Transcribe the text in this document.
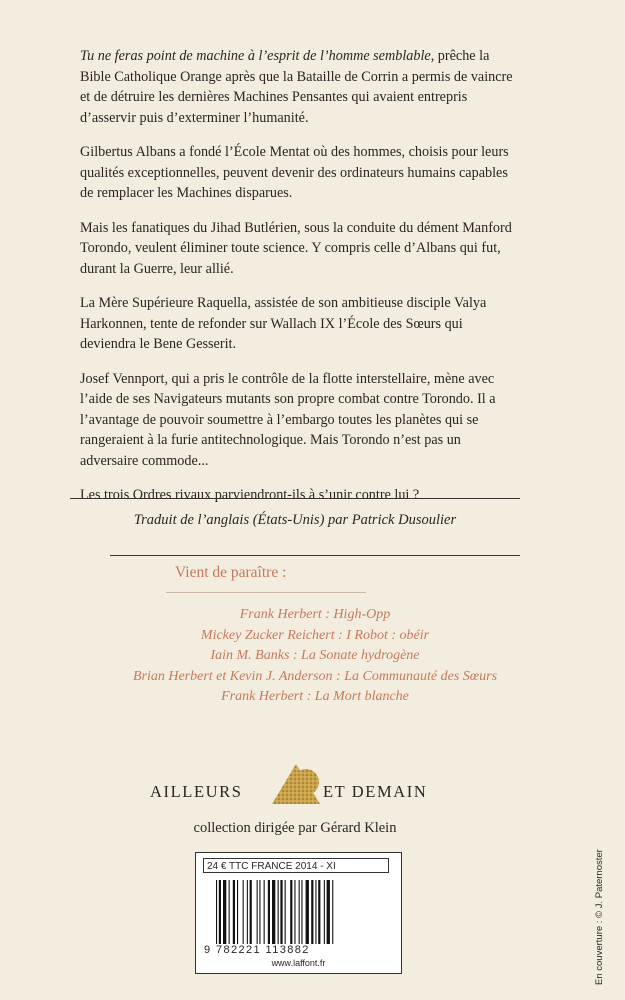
Tu ne feras point de machine à l’esprit de l’homme semblable, prêche la Bible Catholique Orange après que la Bataille de Corrin a permis de vaincre et de détruire les dernières Machines Pensantes qui avaient entrepris d’asservir puis d’exterminer l’humanité.

Gilbertus Albans a fondé l’École Mentat où des hommes, choisis pour leurs qualités exceptionnelles, peuvent devenir des ordinateurs humains capables de remplacer les Machines disparues.

Mais les fanatiques du Jihad Butlérien, sous la conduite du dément Manford Torondo, veulent éliminer toute science. Y compris celle d’Albans qui fut, durant la Guerre, leur allié.

La Mère Supérieure Raquella, assistée de son ambitieuse disciple Valya Harkonnen, tente de refonder sur Wallach IX l’École des Sœurs qui deviendra le Bene Gesserit.

Josef Vennport, qui a pris le contrôle de la flotte interstellaire, mène avec l’aide de ses Navigateurs mutants son propre combat contre Torondo. Il a l’avantage de pouvoir soumettre à l’embargo toutes les planètes qui se rangeraient à la furie antitechnologique. Mais Torondo n’est pas un adversaire commode...

Les trois Ordres rivaux parviendront-ils à s’unir contre lui ?

Traduit de l’anglais (États-Unis) par Patrick Dusoulier
Vient de paraître :
Frank Herbert : High-Opp
Mickey Zucker Reichert : I Robot : obéir
Iain M. Banks : La Sonate hydrogène
Brian Herbert et Kevin J. Anderson : La Communauté des Sœurs
Frank Herbert : La Mort blanche
AILLEURS	ET DEMAIN
collection dirigée par Gérard Klein
24 € TTC FRANCE 2014 - XI
9 782221 113882
www.laffont.fr	En couverture : © J. Paternoster
